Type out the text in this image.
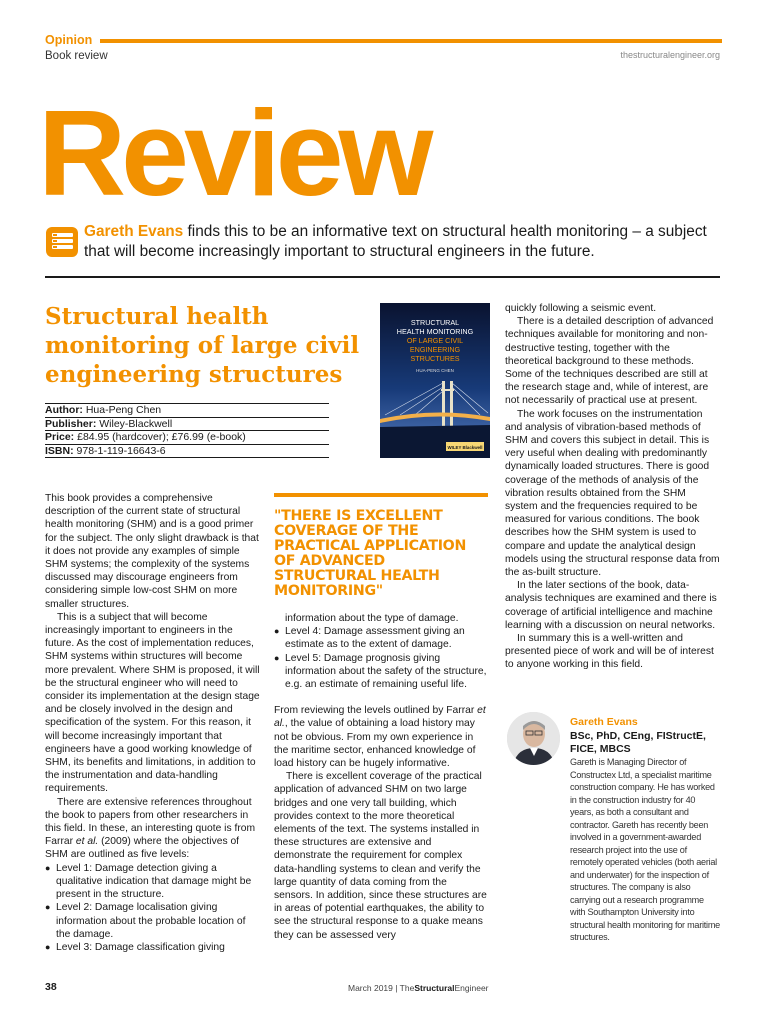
Opinion
Book review	thestructuralengineer.org
Review
Gareth Evans finds this to be an informative text on structural health monitoring – a subject that will become increasingly important to structural engineers in the future.
Structural health monitoring of large civil engineering structures
Author: Hua-Peng Chen
Publisher: Wiley-Blackwell
Price: £84.95 (hardcover); £76.99 (e-book)
ISBN: 978-1-119-16643-6
STRUCTURAL
HEALTH MONITORING
OF LARGE CIVIL
ENGINEERING
STRUCTURES
HUA-PENG CHEN
WILEY Blackwell

This book provides a comprehensive description of the current state of structural health monitoring (SHM) and is a good primer for the subject. The only slight drawback is that it does not provide any examples of simple SHM systems; the complexity of the systems discussed may discourage engineers from considering simple low-cost SHM on more smaller structures.

This is a subject that will become increasingly important to engineers in the future. As the cost of implementation reduces, SHM systems within structures will become more prevalent. Where SHM is proposed, it will be the structural engineer who will need to consider its implementation at the design stage and be closely involved in the design and specification of the system. For this reason, it will become increasingly important that engineers have a good working knowledge of SHM, its benefits and limitations, in addition to the instrumentation and data-handling requirements.

There are extensive references throughout the book to papers from other researchers in this field. In these, an interesting quote is from Farrar et al. (2009) where the objectives of SHM are outlined as five levels:

● Level 1: Damage detection giving a qualitative indication that damage might be present in the structure.
● Level 2: Damage localisation giving information about the probable location of the damage.
● Level 3: Damage classification giving
"THERE IS EXCELLENT COVERAGE OF THE PRACTICAL APPLICATION OF ADVANCED STRUCTURAL HEALTH MONITORING"

information about the type of damage.

● Level 4: Damage assessment giving an estimate as to the extent of damage.
● Level 5: Damage prognosis giving information about the safety of the structure, e.g. an estimate of remaining useful life.

From reviewing the levels outlined by Farrar et al., the value of obtaining a load history may not be obvious. From my own experience in the maritime sector, enhanced knowledge of load history can be hugely informative.

There is excellent coverage of the practical application of advanced SHM on two large bridges and one very tall building, which provides context to the more theoretical elements of the text. The systems installed in these structures are extensive and demonstrate the requirement for complex data-handling systems to clean and verify the large quantity of data coming from the sensors. In addition, since these structures are in areas of potential earthquakes, the ability to see the structural response to a quake means they can be assessed very

quickly following a seismic event.

There is a detailed description of advanced techniques available for monitoring and non-destructive testing, together with the theoretical background to these methods. Some of the techniques described are still at the research stage and, while of interest, are not necessarily of practical use at present.

The work focuses on the instrumentation and analysis of vibration-based methods of SHM and covers this subject in detail. This is very useful when dealing with predominantly dynamically loaded structures. There is good coverage of the methods of analysis of the vibration results obtained from the SHM system and the frequencies required to be measured for various conditions. The book describes how the SHM system is used to compare and update the analytical design models using the structural response data from the as-built structure.

In the later sections of the book, data-analysis techniques are examined and there is coverage of artificial intelligence and machine learning with a discussion on neural networks.

In summary this is a well-written and presented piece of work and will be of interest to anyone working in this field.

Gareth Evans
BSc, PhD, CEng, FIStructE, FICE, MBCS
Gareth is Managing Director of Constructex Ltd, a specialist maritime construction company. He has worked in the construction industry for 40 years, as both a consultant and contractor. Gareth has recently been involved in a government-awarded research project into the use of remotely operated vehicles (both aerial and underwater) for the inspection of structures. The company is also carrying out a research programme with Southampton University into structural health monitoring for maritime structures.
38	March 2019 | TheStructuralEngineer
